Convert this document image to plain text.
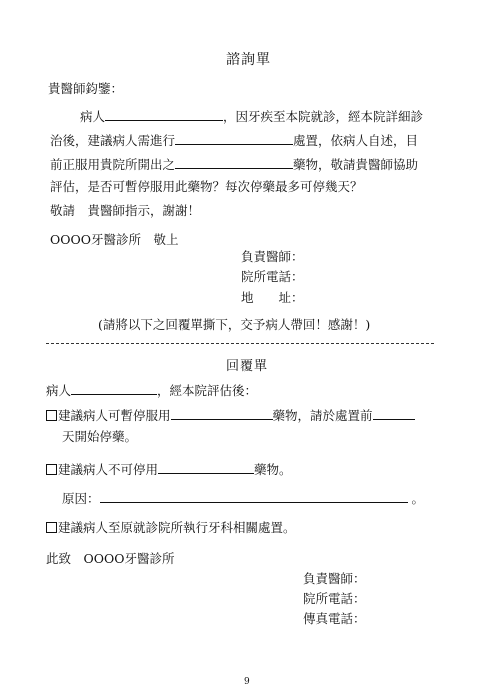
諮詢單
貴醫師鈞鑒：
病人	，因牙疾至本院就診，經本院詳細診
治後，建議病人需進行	處置，依病人自述，目
前正服用貴院所開出之	藥物，敬請貴醫師協助
評估，是否可暫停服用此藥物？每次停藥最多可停幾天？
敬請　貴醫師指示，謝謝！
OOOO牙醫診所　敬上
負責醫師：
院所電話：
地　　址：
(請將以下之回覆單撕下，交予病人帶回！感謝！)
回覆單
病人	，經本院評估後：
建議病人可暫停服用	藥物，請於處置前
天開始停藥。
建議病人不可停用	藥物。
原因：	。
建議病人至原就診院所執行牙科相關處置。
此致　OOOO牙醫診所
負責醫師：
院所電話：
傳真電話：
9
